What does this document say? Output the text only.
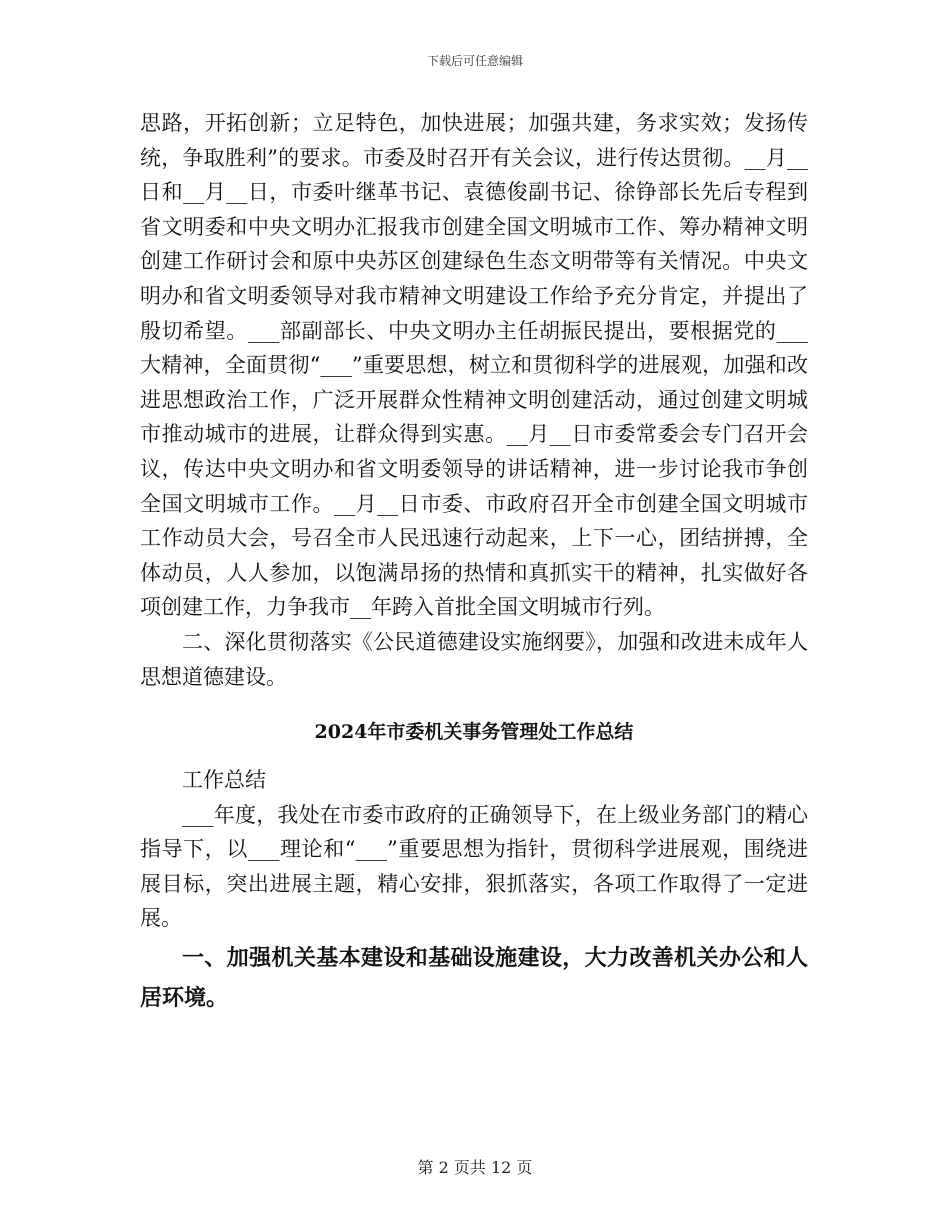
下载后可任意编辑

思路，开拓创新；立足特色，加快进展；加强共建，务求实效；发扬传统，争取胜利”的要求。市委及时召开有关会议，进行传达贯彻。__月__日和__月__日，市委叶继革书记、袁德俊副书记、徐铮部长先后专程到省文明委和中央文明办汇报我市创建全国文明城市工作、筹办精神文明创建工作研讨会和原中央苏区创建绿色生态文明带等有关情况。中央文明办和省文明委领导对我市精神文明建设工作给予充分肯定，并提出了殷切希望。___部副部长、中央文明办主任胡振民提出，要根据党的___大精神，全面贯彻“___”重要思想，树立和贯彻科学的进展观，加强和改进思想政治工作，广泛开展群众性精神文明创建活动，通过创建文明城市推动城市的进展，让群众得到实惠。__月__日市委常委会专门召开会议，传达中央文明办和省文明委领导的讲话精神，进一步讨论我市争创全国文明城市工作。__月__日市委、市政府召开全市创建全国文明城市工作动员大会，号召全市人民迅速行动起来，上下一心，团结拼搏，全体动员，人人参加，以饱满昂扬的热情和真抓实干的精神，扎实做好各项创建工作，力争我市__年跨入首批全国文明城市行列。

二、深化贯彻落实《公民道德建设实施纲要》，加强和改进未成年人思想道德建设。

2024年市委机关事务管理处工作总结

工作总结

___年度，我处在市委市政府的正确领导下，在上级业务部门的精心指导下，以___理论和“___”重要思想为指针，贯彻科学进展观，围绕进展目标，突出进展主题，精心安排，狠抓落实，各项工作取得了一定进展。

一、加强机关基本建设和基础设施建设，大力改善机关办公和人居环境。

第 2 页共 12 页
